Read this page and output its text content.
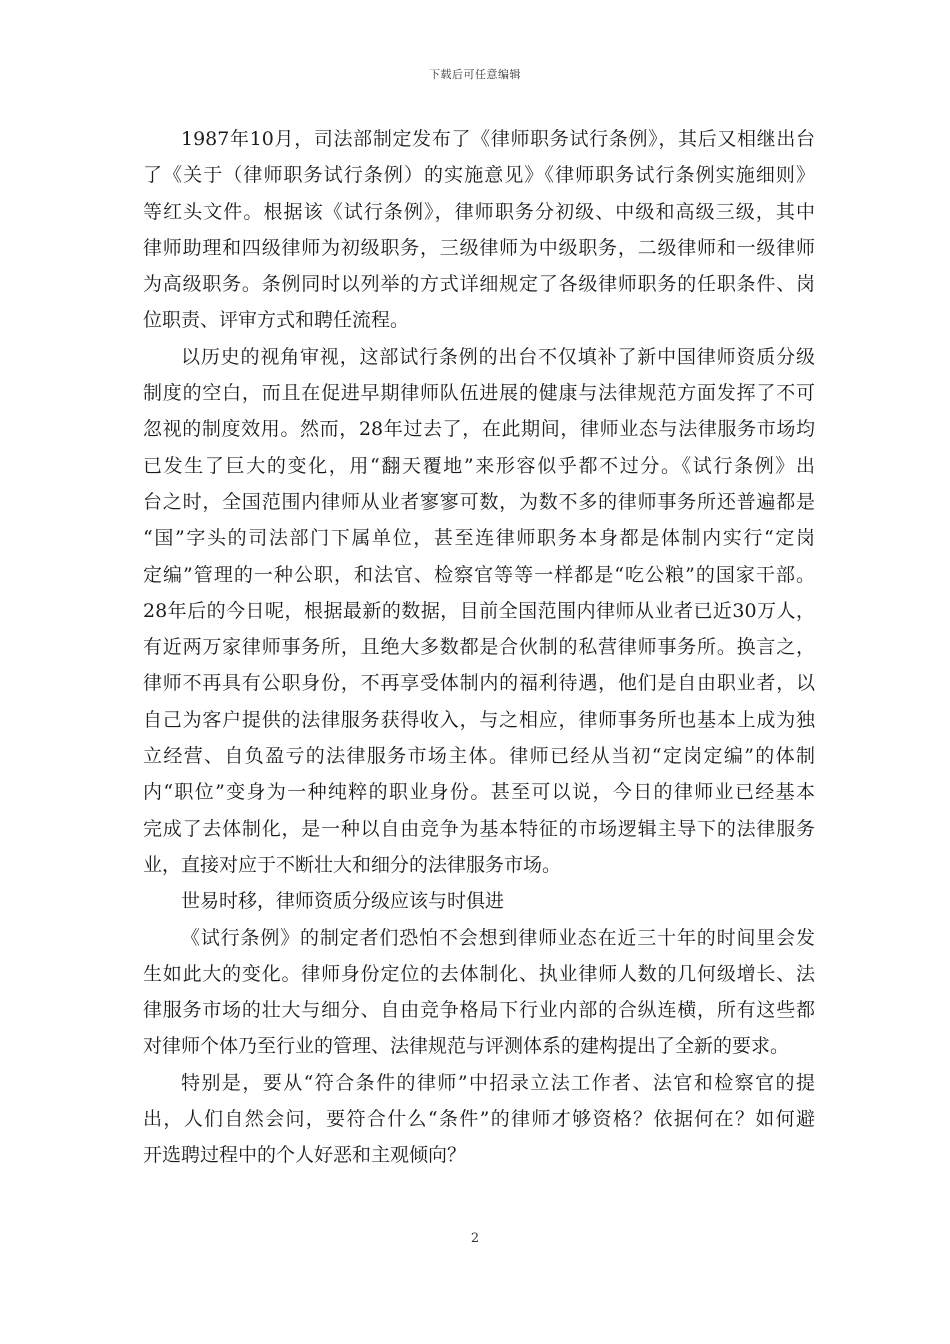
下载后可任意编辑
1987年10月，司法部制定发布了《律师职务试行条例》，其后又相继出台
了《关于（律师职务试行条例）的实施意见》《律师职务试行条例实施细则》
等红头文件。根据该《试行条例》，律师职务分初级、中级和高级三级，其中
律师助理和四级律师为初级职务，三级律师为中级职务，二级律师和一级律师
为高级职务。条例同时以列举的方式详细规定了各级律师职务的任职条件、岗
位职责、评审方式和聘任流程。
以历史的视角审视，这部试行条例的出台不仅填补了新中国律师资质分级
制度的空白，而且在促进早期律师队伍进展的健康与法律规范方面发挥了不可
忽视的制度效用。然而，28年过去了，在此期间，律师业态与法律服务市场均
已发生了巨大的变化，用“翻天覆地”来形容似乎都不过分。《试行条例》出
台之时，全国范围内律师从业者寥寥可数，为数不多的律师事务所还普遍都是
“国”字头的司法部门下属单位，甚至连律师职务本身都是体制内实行“定岗
定编”管理的一种公职，和法官、检察官等等一样都是“吃公粮”的国家干部。
28年后的今日呢，根据最新的数据，目前全国范围内律师从业者已近30万人，
有近两万家律师事务所，且绝大多数都是合伙制的私营律师事务所。换言之，
律师不再具有公职身份，不再享受体制内的福利待遇，他们是自由职业者，以
自己为客户提供的法律服务获得收入，与之相应，律师事务所也基本上成为独
立经营、自负盈亏的法律服务市场主体。律师已经从当初“定岗定编”的体制
内“职位”变身为一种纯粹的职业身份。甚至可以说，今日的律师业已经基本
完成了去体制化，是一种以自由竞争为基本特征的市场逻辑主导下的法律服务
业，直接对应于不断壮大和细分的法律服务市场。
世易时移，律师资质分级应该与时俱进
《试行条例》的制定者们恐怕不会想到律师业态在近三十年的时间里会发
生如此大的变化。律师身份定位的去体制化、执业律师人数的几何级增长、法
律服务市场的壮大与细分、自由竞争格局下行业内部的合纵连横，所有这些都
对律师个体乃至行业的管理、法律规范与评测体系的建构提出了全新的要求。
特别是，要从“符合条件的律师”中招录立法工作者、法官和检察官的提
出，人们自然会问，要符合什么“条件”的律师才够资格？依据何在？如何避
开选聘过程中的个人好恶和主观倾向？
2
